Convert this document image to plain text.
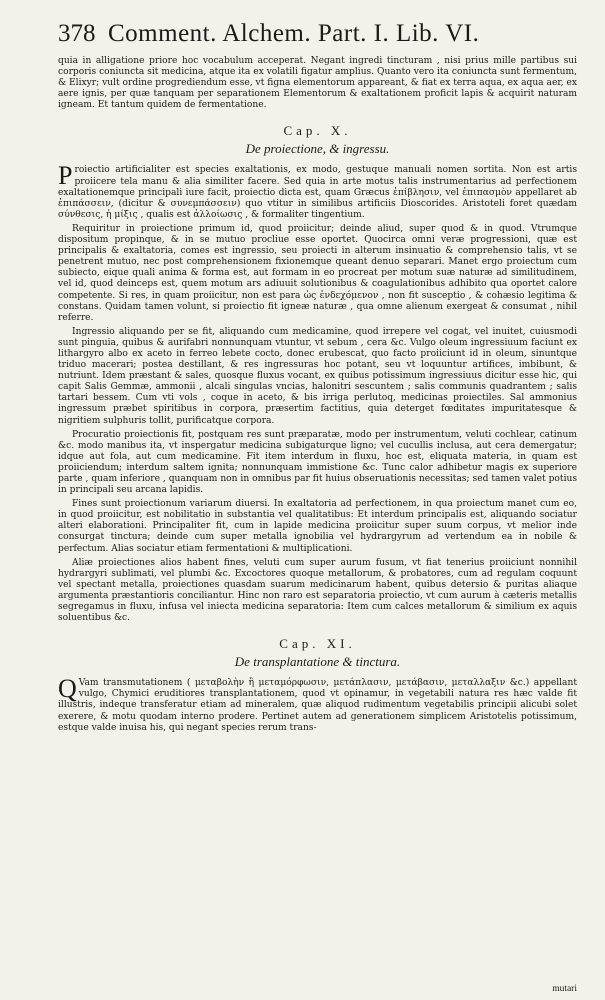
378 Comment. Alchem. Part. I. Lib. VI.

quia in alligatione priore hoc vocabulum acceperat. Negant ingredi tincturam , nisi prius mille partibus sui corporis coniuncta sit medicina, atque ita ex volatili figatur amplius. Quanto vero ita coniuncta sunt fermentum, & Elixyr; vult ordine progrediendum esse, vt figna elementorum appareant, & fiat ex terra aqua, ex aqua aer, ex aere ignis, per quæ tanquam per separationem Elementorum & exaltationem proficit lapis & acquirit naturam igneam. Et tantum quidem de fermentatione.

Cap. X.
De proiectione, & ingressu.

Proiectio artificialiter est species exaltationis, ex modo, gestuque manuali nomen sortita. Non est artis proiicere tela manu & alia similiter facere. Sed quia in arte motus talis instrumentarius ad perfectionem exaltationemque principali iure facit, proiectio dicta est, quam Græcus ἐπίβλησιν, vel ἐπιπασμὸν appellaret ab ἐπιπάσσειν, (dicitur & συνεμπάσσειν) quo vtitur in similibus artificiis Dioscorides. Aristoteli foret quædam σύνθεσις, ἡ μίξις , qualis est ἀλλοίωσις , & formaliter tingentium.

Requiritur in proiectione primum id, quod proiicitur; deinde aliud, super quod & in quod. Vtrumque dispositum propinque, & in se mutuo procliue esse oportet. Quocirca omni veræ progressioni, quæ est principalis & exaltatoria, comes est ingressio, seu proiecti in alterum insinuatio & comprehensio talis, vt se penetrent mutuo, nec post comprehensionem fixionemque queant denuo separari. Manet ergo proiectum cum subiecto, eique quali anima & forma est, aut formam in eo procreat per motum suæ naturæ ad similitudinem, vel id, quod deinceps est, quem motum ars adiuuit solutionibus & coagulationibus adhibito qua oportet calore competente. Si res, in quam proiicitur, non est para ὡς ἐνδεχόμενον , non fit susceptio , & cohæsio legitima & constans. Quidam tamen volunt, si proiectio fit igneæ naturæ , qua omne alienum exergeat & consumat , nihil referre.

Ingressio aliquando per se fit, aliquando cum medicamine, quod irrepere vel cogat, vel inuitet, cuiusmodi sunt pinguia, quibus & aurifabri nonnunquam vtuntur, vt sebum , cera &c. Vulgo oleum ingressiuum faciunt ex lithargyro albo ex aceto in ferreo lebete cocto, donec erubescat, quo facto proiiciunt id in oleum, sinuntque triduo macerari; postea destillant, & res ingressuras hoc potant, seu vt loquuntur artifices, imbibunt, & nutriunt. Idem præstant & sales, quosque fluxus vocant, ex quibus potissimum ingressiuus dicitur esse hic, qui capit Salis Gemmæ, ammonii , alcali singulas vncias, halonitri sescuntem ; salis communis quadrantem ; salis tartari bessem. Cum vti vols , coque in aceto, & bis irriga perlutoq, medicinas proiectiles. Sal ammonius ingressum præbet spiritibus in corpora, præsertim factitius, quia deterget fœditates impuritatesque & nigritiem sulphuris tollit, purificatque corpora.

Procuratio proiectionis fit, postquam res sunt præparatæ, modo per instrumentum, veluti cochlear, catinum &c. modo manibus ita, vt inspergatur medicina subigaturque ligno; vel cucullis inclusa, aut cera demergatur; idque aut fola, aut cum medicamine. Fit item interdum in fluxu, hoc est, eliquata materia, in quam est proiiciendum; interdum saltem ignita; nonnunquam immistione &c. Tunc calor adhibetur magis ex superiore parte , quam inferiore , quanquam non in omnibus par fit huius obseruationis necessitas; sed tamen valet potius in principali seu arcana lapidis.

Fines sunt proiectionum variarum diuersi. In exaltatoria ad perfectionem, in qua proiectum manet cum eo, in quod proiicitur, est nobilitatio in substantia vel qualitatibus: Et interdum principalis est, aliquando sociatur alteri elaborationi. Principaliter fit, cum in lapide medicina proiicitur super suum corpus, vt melior inde consurgat tinctura; deinde cum super metalla ignobilia vel hydrargyrum ad vertendum ea in nobile & perfectum. Alias sociatur etiam fermentationi & multiplicationi.

Aliæ proiectiones alios habent fines, veluti cum super aurum fusum, vt fiat tenerius proiiciunt nonnihil hydrargyri sublimati, vel plumbi &c. Excoctores quoque metallorum, & probatores, cum ad regulam coquunt vel spectant metalla, proiectiones quasdam suarum medicinarum habent, quibus detersio & puritas aliaque argumenta præstantioris conciliantur. Hinc non raro est separatoria proiectio, vt cum aurum à cæteris metallis segregamus in fluxu, infusa vel iniecta medicina separatoria: Item cum calces metallorum & similium ex aquis soluentibus &c.

Cap. XI.
De transplantatione & tinctura.

Q Vam transmutationem ( μεταβολὴν ἢ μεταμόρφωσιν, μετάπλασιν, μετάβασιν, μεταλλαξιν &c.) appellant vulgo, Chymici eruditiores transplantationem, quod vt opinamur, in vegetabili natura res hæc valde fit illustris, indeque transferatur etiam ad mineralem, quæ aliquod rudimentum vegetabilis principii alicubi solet exerere, & motu quodam interno prodere. Pertinet autem ad generationem simplicem Aristotelis potissimum, estque valde inuisa his, qui negant species rerum trans-

mutari
